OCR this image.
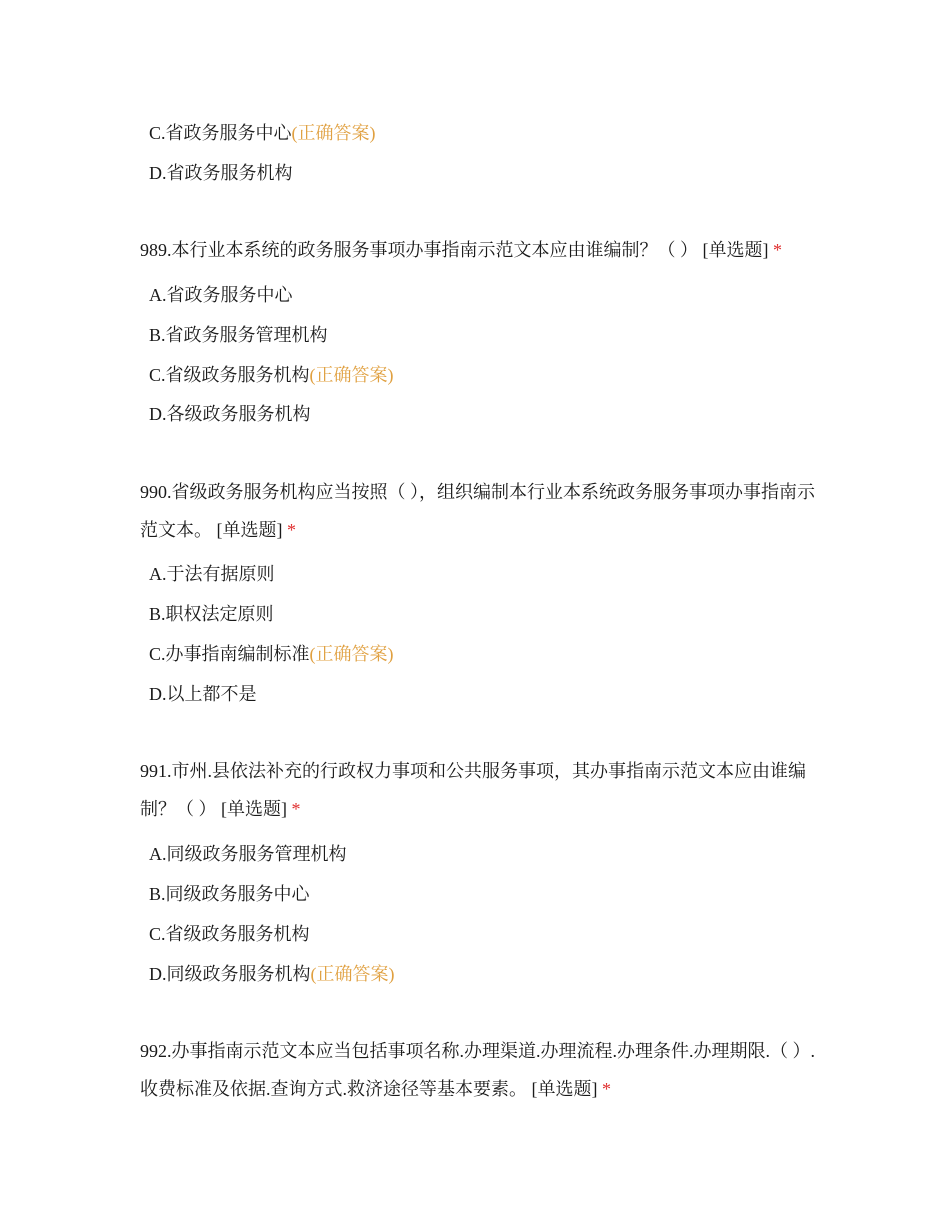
C.省政务服务中心(正确答案)
D.省政务服务机构
989.本行业本系统的政务服务事项办事指南示范文本应由谁编制？（ ） [单选题] *
A.省政务服务中心
B.省政务服务管理机构
C.省级政务服务机构(正确答案)
D.各级政务服务机构
990.省级政务服务机构应当按照（ ），组织编制本行业本系统政务服务事项办事指南示范文本。 [单选题] *
A.于法有据原则
B.职权法定原则
C.办事指南编制标准(正确答案)
D.以上都不是
991.市州.县依法补充的行政权力事项和公共服务事项，其办事指南示范文本应由谁编制？（ ） [单选题] *
A.同级政务服务管理机构
B.同级政务服务中心
C.省级政务服务机构
D.同级政务服务机构(正确答案)
992.办事指南示范文本应当包括事项名称.办理渠道.办理流程.办理条件.办理期限.（ ）.收费标准及依据.查询方式.救济途径等基本要素。 [单选题] *
